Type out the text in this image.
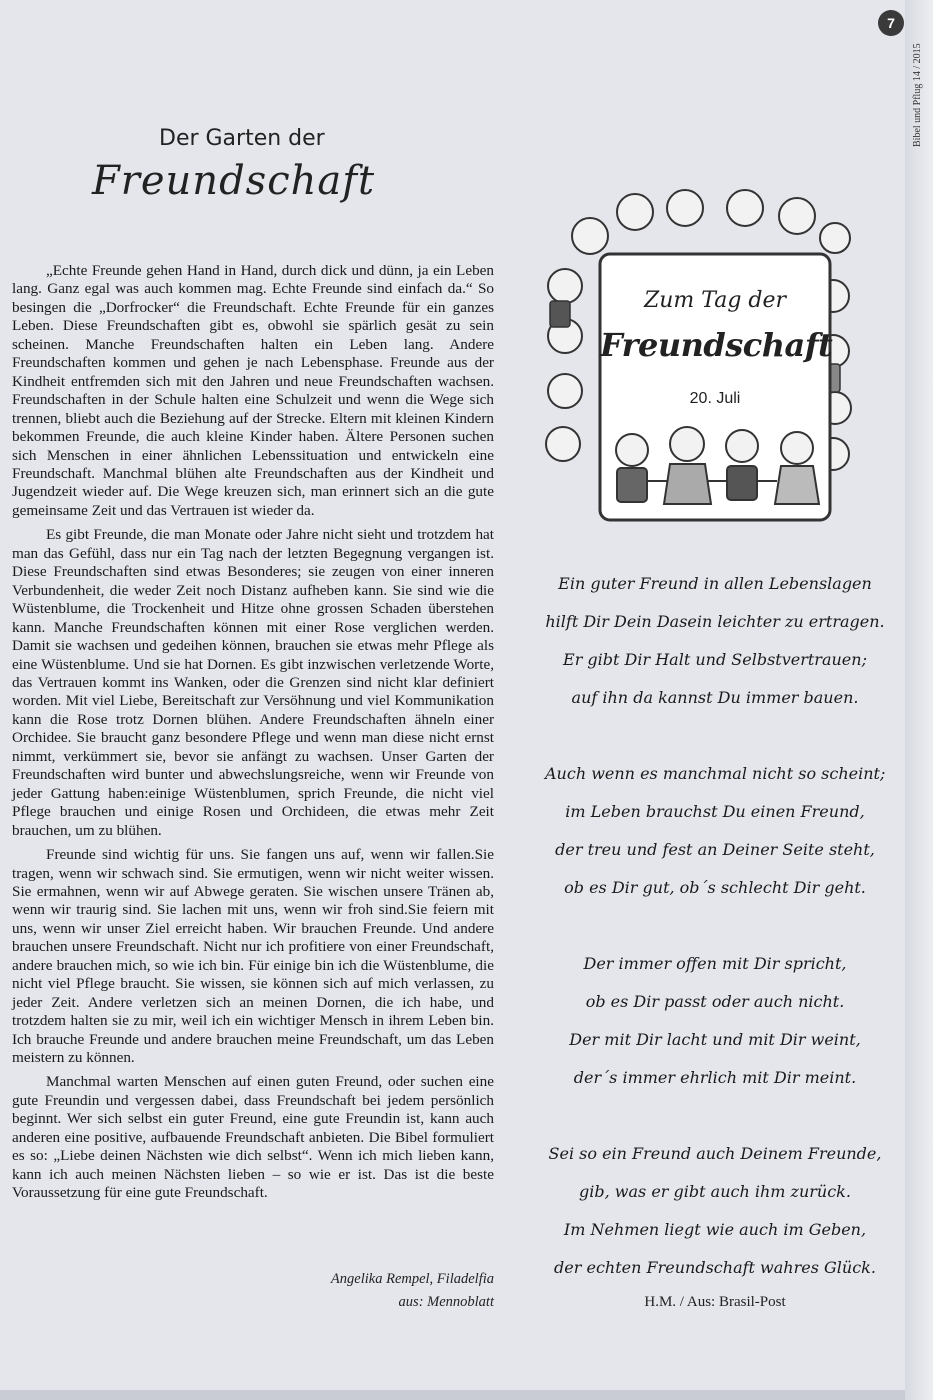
7
Bibel und Pflug 14 / 2015
Der Garten der
Freundschaft

„Echte Freunde gehen Hand in Hand, durch dick und dünn, ja ein Leben lang. Ganz egal was auch kommen mag. Echte Freunde sind einfach da.“ So besingen die „Dorfrocker“ die Freundschaft. Echte Freunde für ein ganzes Leben. Diese Freundschaften gibt es, obwohl sie spärlich gesät zu sein scheinen. Manche Freundschaften halten ein Leben lang. Andere Freundschaften kommen und gehen je nach Lebensphase. Freunde aus der Kindheit entfremden sich mit den Jahren und neue Freundschaften wachsen. Freundschaften in der Schule halten eine Schulzeit und wenn die Wege sich trennen, bliebt auch die Beziehung auf der Strecke. Eltern mit kleinen Kindern bekommen Freunde, die auch kleine Kinder haben. Ältere Personen suchen sich Menschen in einer ähnlichen Lebenssituation und entwickeln eine Freundschaft. Manchmal blühen alte Freundschaften aus der Kindheit und Jugendzeit wieder auf. Die Wege kreuzen sich, man erinnert sich an die gute gemeinsame Zeit und das Vertrauen ist wieder da.

Es gibt Freunde, die man Monate oder Jahre nicht sieht und trotzdem hat man das Gefühl, dass nur ein Tag nach der letzten Begegnung vergangen ist. Diese Freundschaften sind etwas Besonderes; sie zeugen von einer inneren Verbundenheit, die weder Zeit noch Distanz aufheben kann. Sie sind wie die Wüstenblume, die Trockenheit und Hitze ohne grossen Schaden überstehen kann. Manche Freundschaften können mit einer Rose verglichen werden. Damit sie wachsen und gedeihen können, brauchen sie etwas mehr Pflege als eine Wüstenblume. Und sie hat Dornen. Es gibt inzwischen verletzende Worte, das Vertrauen kommt ins Wanken, oder die Grenzen sind nicht klar definiert worden. Mit viel Liebe, Bereitschaft zur Versöhnung und viel Kommunikation kann die Rose trotz Dornen blühen. Andere Freundschaften ähneln einer Orchidee. Sie braucht ganz besondere Pflege und wenn man diese nicht ernst nimmt, verkümmert sie, bevor sie anfängt zu wachsen. Unser Garten der Freundschaften wird bunter und abwechslungsreiche, wenn wir Freunde von jeder Gattung haben:einige Wüstenblumen, sprich Freunde, die nicht viel Pflege brauchen und einige Rosen und Orchideen, die etwas mehr Zeit brauchen, um zu blühen.

Freunde sind wichtig für uns. Sie fangen uns auf, wenn wir fallen.Sie tragen, wenn wir schwach sind. Sie ermutigen, wenn wir nicht weiter wissen. Sie ermahnen, wenn wir auf Abwege geraten. Sie wischen unsere Tränen ab, wenn wir traurig sind. Sie lachen mit uns, wenn wir froh sind.Sie feiern mit uns, wenn wir unser Ziel erreicht haben. Wir brauchen Freunde. Und andere brauchen unsere Freundschaft. Nicht nur ich profitiere von einer Freundschaft, andere brauchen mich, so wie ich bin. Für einige bin ich die Wüstenblume, die nicht viel Pflege braucht. Sie wissen, sie können sich auf mich verlassen, zu jeder Zeit. Andere verletzen sich an meinen Dornen, die ich habe, und trotzdem halten sie zu mir, weil ich ein wichtiger Mensch in ihrem Leben bin. Ich brauche Freunde und andere brauchen meine Freundschaft, um das Leben meistern zu können.

Manchmal warten Menschen auf einen guten Freund, oder suchen eine gute Freundin und vergessen dabei, dass Freundschaft bei jedem persönlich beginnt. Wer sich selbst ein guter Freund, eine gute Freundin ist, kann auch anderen eine positive, aufbauende Freundschaft anbieten. Die Bibel formuliert es so: „Liebe deinen Nächsten wie dich selbst“. Wenn ich mich lieben kann, kann ich auch meinen Nächsten lieben – so wie er ist. Das ist die beste Voraussetzung für eine gute Freundschaft.

Angelika Rempel, Filadelfia
aus: Mennoblatt
Zum Tag der
Freundschaft
20. Juli
Ein guter Freund in allen Lebenslagen
hilft Dir Dein Dasein leichter zu ertragen.
Er gibt Dir Halt und Selbstvertrauen;
auf ihn da kannst Du immer bauen.
Auch wenn es manchmal nicht so scheint;
im Leben brauchst Du einen Freund,
der treu und fest an Deiner Seite steht,
ob es Dir gut, ob´s schlecht Dir geht.
Der immer offen mit Dir spricht,
ob es Dir passt oder auch nicht.
Der mit Dir lacht und mit Dir weint,
der´s immer ehrlich mit Dir meint.
Sei so ein Freund auch Deinem Freunde,
gib, was er gibt auch ihm zurück.
Im Nehmen liegt wie auch im Geben,
der echten Freundschaft wahres Glück.
H.M. / Aus: Brasil-Post
